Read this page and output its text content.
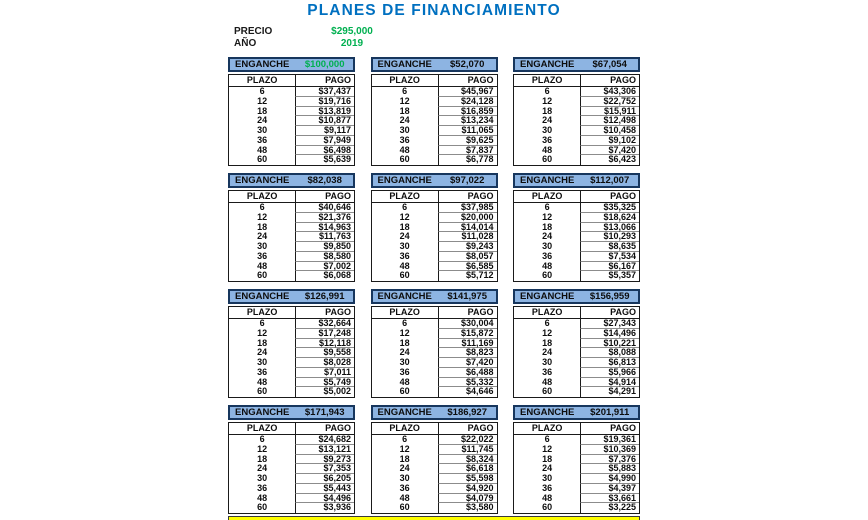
PLANES DE FINANCIAMIENTO
PRECIO	$295,000
AÑO	2019
ENGANCHE	$100,000
PLAZO	PAGO
6	$37,437
12	$19,716
18	$13,819
24	$10,877
30	$9,117
36	$7,949
48	$6,498
60	$5,639
ENGANCHE	$52,070
PLAZO	PAGO
6	$45,967
12	$24,128
18	$16,859
24	$13,234
30	$11,065
36	$9,625
48	$7,837
60	$6,778
ENGANCHE	$67,054
PLAZO	PAGO
6	$43,306
12	$22,752
18	$15,911
24	$12,498
30	$10,458
36	$9,102
48	$7,420
60	$6,423
ENGANCHE	$82,038
PLAZO	PAGO
6	$40,646
12	$21,376
18	$14,963
24	$11,763
30	$9,850
36	$8,580
48	$7,002
60	$6,068
ENGANCHE	$97,022
PLAZO	PAGO
6	$37,985
12	$20,000
18	$14,014
24	$11,028
30	$9,243
36	$8,057
48	$6,585
60	$5,712
ENGANCHE	$112,007
PLAZO	PAGO
6	$35,325
12	$18,624
18	$13,066
24	$10,293
30	$8,635
36	$7,534
48	$6,167
60	$5,357
ENGANCHE	$126,991
PLAZO	PAGO
6	$32,664
12	$17,248
18	$12,118
24	$9,558
30	$8,028
36	$7,011
48	$5,749
60	$5,002
ENGANCHE	$141,975
PLAZO	PAGO
6	$30,004
12	$15,872
18	$11,169
24	$8,823
30	$7,420
36	$6,488
48	$5,332
60	$4,646
ENGANCHE	$156,959
PLAZO	PAGO
6	$27,343
12	$14,496
18	$10,221
24	$8,088
30	$6,813
36	$5,966
48	$4,914
60	$4,291
ENGANCHE	$171,943
PLAZO	PAGO
6	$24,682
12	$13,121
18	$9,273
24	$7,353
30	$6,205
36	$5,443
48	$4,496
60	$3,936
ENGANCHE	$186,927
PLAZO	PAGO
6	$22,022
12	$11,745
18	$8,324
24	$6,618
30	$5,598
36	$4,920
48	$4,079
60	$3,580
ENGANCHE	$201,911
PLAZO	PAGO
6	$19,361
12	$10,369
18	$7,376
24	$5,883
30	$4,990
36	$4,397
48	$3,661
60	$3,225
